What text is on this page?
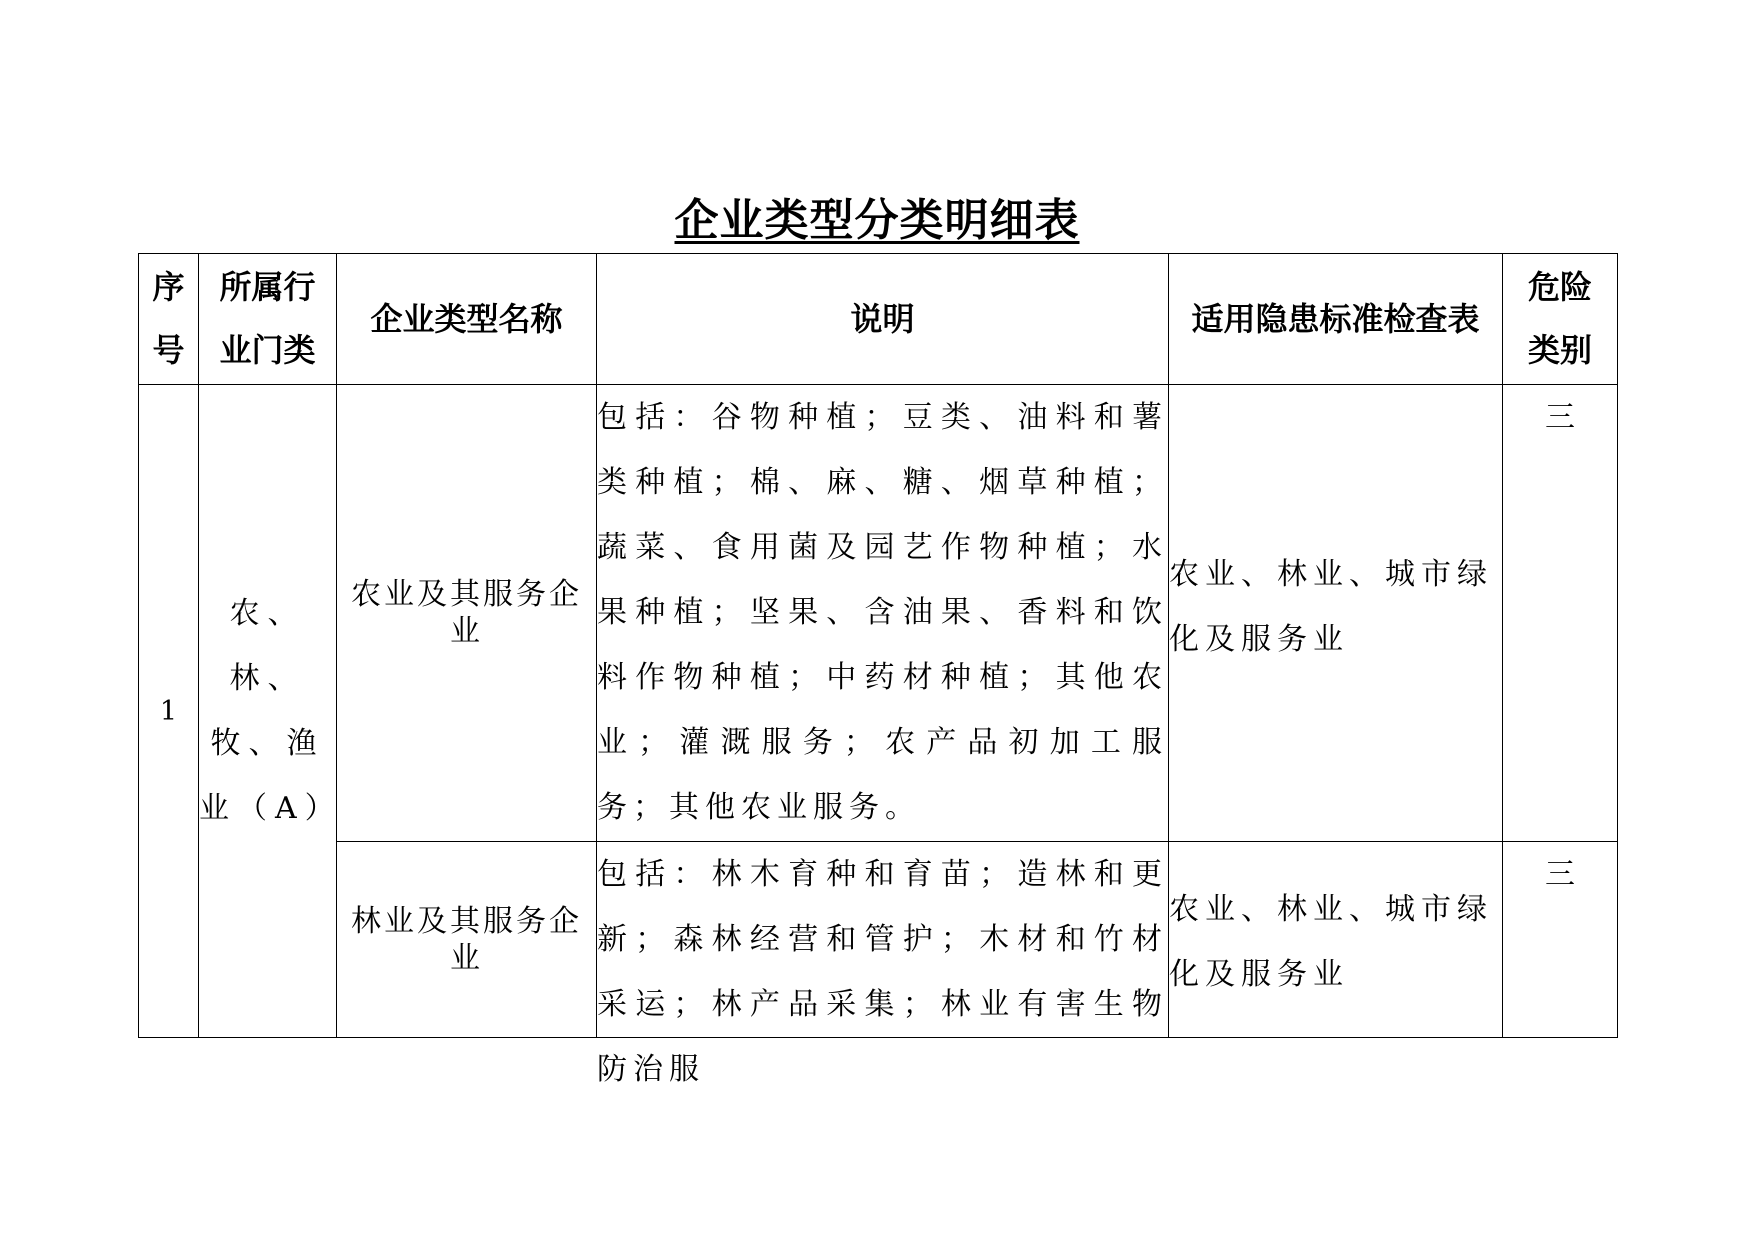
企业类型分类明细表
序号	所属行业门类	企业类型名称	说明	适用隐患标准检查表	危险类别
1	农、林、牧、渔业（A）	农业及其服务企业	包括：谷物种植；豆类、油料和薯类种植；棉、麻、糖、烟草种植；蔬菜、食用菌及园艺作物种植；水果种植；坚果、含油果、香料和饮料作物种植；中药材种植；其他农业；灌溉服务；农产品初加工服务；其他农业服务。	农业、林业、城市绿化及服务业	三
		林业及其服务企业	包括：林木育种和育苗；造林和更新；森林经营和管护；木材和竹材采运；林产品采集；林业有害生物防治服	农业、林业、城市绿化及服务业	三
